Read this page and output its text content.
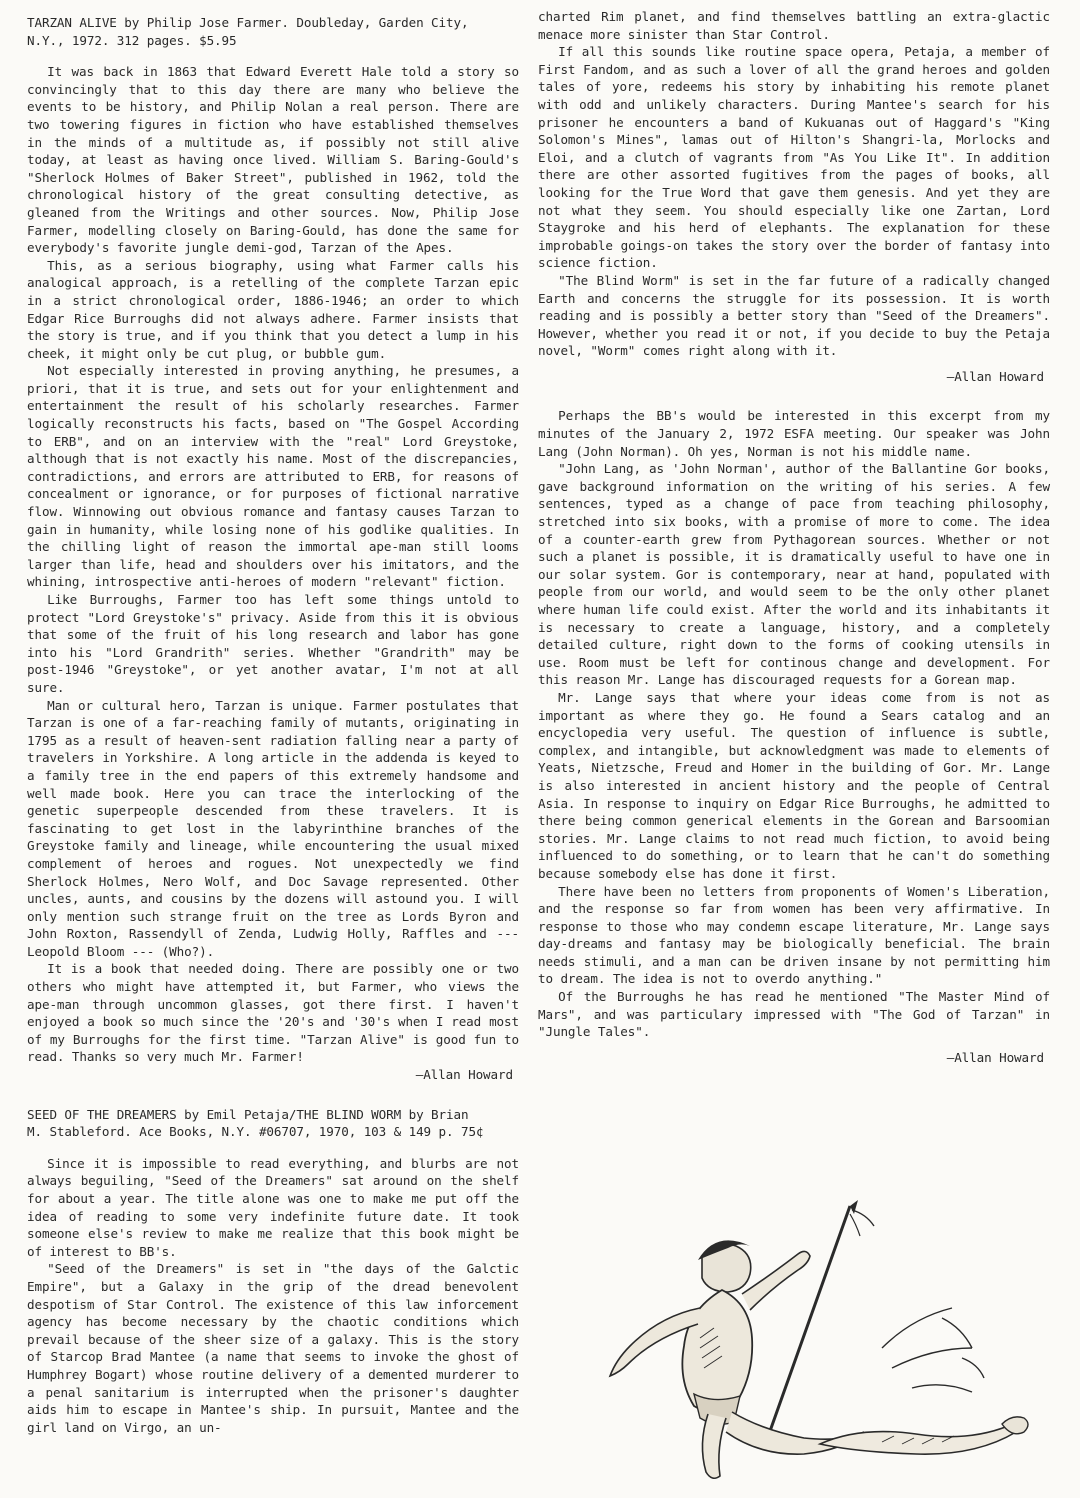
TARZAN ALIVE by Philip Jose Farmer. Doubleday, Garden City,

N.Y., 1972. 312 pages. $5.95

It was back in 1863 that Edward Everett Hale told a story so convincingly that to this day there are many who believe the events to be history, and Philip Nolan a real person. There are two towering figures in fiction who have established themselves in the minds of a multitude as, if possibly not still alive today, at least as having once lived. William S. Baring-Gould's "Sherlock Holmes of Baker Street", published in 1962, told the chronological history of the great consulting detective, as gleaned from the Writings and other sources. Now, Philip Jose Farmer, modelling closely on Baring-Gould, has done the same for everybody's favorite jungle demi-god, Tarzan of the Apes.

This, as a serious biography, using what Farmer calls his analogical approach, is a retelling of the complete Tarzan epic in a strict chronological order, 1886-1946; an order to which Edgar Rice Burroughs did not always adhere. Farmer insists that the story is true, and if you think that you detect a lump in his cheek, it might only be cut plug, or bubble gum.

Not especially interested in proving anything, he presumes, a priori, that it is true, and sets out for your enlightenment and entertainment the result of his scholarly researches. Farmer logically reconstructs his facts, based on "The Gospel According to ERB", and on an interview with the "real" Lord Greystoke, although that is not exactly his name. Most of the discrepancies, contradictions, and errors are attributed to ERB, for reasons of concealment or ignorance, or for purposes of fictional narrative flow. Winnowing out obvious romance and fantasy causes Tarzan to gain in humanity, while losing none of his godlike qualities. In the chilling light of reason the immortal ape-man still looms larger than life, head and shoulders over his imitators, and the whining, introspective anti-heroes of modern "relevant" fiction.

Like Burroughs, Farmer too has left some things untold to protect "Lord Greystoke's" privacy. Aside from this it is obvious that some of the fruit of his long research and labor has gone into his "Lord Grandrith" series. Whether "Grandrith" may be post-1946 "Greystoke", or yet another avatar, I'm not at all sure.

Man or cultural hero, Tarzan is unique. Farmer postulates that Tarzan is one of a far-reaching family of mutants, originating in 1795 as a result of heaven-sent radiation falling near a party of travelers in Yorkshire. A long article in the addenda is keyed to a family tree in the end papers of this extremely handsome and well made book. Here you can trace the interlocking of the genetic superpeople descended from these travelers. It is fascinating to get lost in the labyrinthine branches of the Greystoke family and lineage, while encountering the usual mixed complement of heroes and rogues. Not unexpectedly we find Sherlock Holmes, Nero Wolf, and Doc Savage represented. Other uncles, aunts, and cousins by the dozens will astound you. I will only mention such strange fruit on the tree as Lords Byron and John Roxton, Rassendyll of Zenda, Ludwig Holly, Raffles and --- Leopold Bloom --- (Who?).

It is a book that needed doing. There are possibly one or two others who might have attempted it, but Farmer, who views the ape-man through uncommon glasses, got there first. I haven't enjoyed a book so much since the '20's and '30's when I read most of my Burroughs for the first time. "Tarzan Alive" is good fun to read. Thanks so very much Mr. Farmer!

—Allan Howard

SEED OF THE DREAMERS by Emil Petaja/THE BLIND WORM by Brian

M. Stableford. Ace Books, N.Y. #06707, 1970, 103 & 149 p. 75¢

Since it is impossible to read everything, and blurbs are not always beguiling, "Seed of the Dreamers" sat around on the shelf for about a year. The title alone was one to make me put off the idea of reading to some very indefinite future date. It took someone else's review to make me realize that this book might be of interest to BB's.

"Seed of the Dreamers" is set in "the days of the Galctic Empire", but a Galaxy in the grip of the dread benevolent despotism of Star Control. The existence of this law inforcement agency has become necessary by the chaotic conditions which prevail because of the sheer size of a galaxy. This is the story of Starcop Brad Mantee (a name that seems to invoke the ghost of Humphrey Bogart) whose routine delivery of a demented murderer to a penal sanitarium is interrupted when the prisoner's daughter aids him to escape in Mantee's ship. In pursuit, Mantee and the girl land on Virgo, an un-

charted Rim planet, and find themselves battling an extra-glactic menace more sinister than Star Control.

If all this sounds like routine space opera, Petaja, a member of First Fandom, and as such a lover of all the grand heroes and golden tales of yore, redeems his story by inhabiting his remote planet with odd and unlikely characters. During Mantee's search for his prisoner he encounters a band of Kukuanas out of Haggard's "King Solomon's Mines", lamas out of Hilton's Shangri-la, Morlocks and Eloi, and a clutch of vagrants from "As You Like It". In addition there are other assorted fugitives from the pages of books, all looking for the True Word that gave them genesis. And yet they are not what they seem. You should especially like one Zartan, Lord Staygroke and his herd of elephants. The explanation for these improbable goings-on takes the story over the border of fantasy into science fiction.

"The Blind Worm" is set in the far future of a radically changed Earth and concerns the struggle for its possession. It is worth reading and is possibly a better story than "Seed of the Dreamers". However, whether you read it or not, if you decide to buy the Petaja novel, "Worm" comes right along with it.

—Allan Howard

Perhaps the BB's would be interested in this excerpt from my minutes of the January 2, 1972 ESFA meeting. Our speaker was John Lang (John Norman). Oh yes, Norman is not his middle name.

"John Lang, as 'John Norman', author of the Ballantine Gor books, gave background information on the writing of his series. A few sentences, typed as a change of pace from teaching philosophy, stretched into six books, with a promise of more to come. The idea of a counter-earth grew from Pythagorean sources. Whether or not such a planet is possible, it is dramatically useful to have one in our solar system. Gor is contemporary, near at hand, populated with people from our world, and would seem to be the only other planet where human life could exist. After the world and its inhabitants it is necessary to create a language, history, and a completely detailed culture, right down to the forms of cooking utensils in use. Room must be left for continous change and development. For this reason Mr. Lange has discouraged requests for a Gorean map.

Mr. Lange says that where your ideas come from is not as important as where they go. He found a Sears catalog and an encyclopedia very useful. The question of influence is subtle, complex, and intangible, but acknowledgment was made to elements of Yeats, Nietzsche, Freud and Homer in the building of Gor. Mr. Lange is also interested in ancient history and the people of Central Asia. In response to inquiry on Edgar Rice Burroughs, he admitted to there being common generical elements in the Gorean and Barsoomian stories. Mr. Lange claims to not read much fiction, to avoid being influenced to do something, or to learn that he can't do something because somebody else has done it first.

There have been no letters from proponents of Women's Liberation, and the response so far from women has been very affirmative. In response to those who may condemn escape literature, Mr. Lange says day-dreams and fantasy may be biologically beneficial. The brain needs stimuli, and a man can be driven insane by not permitting him to dream. The idea is not to overdo anything."

Of the Burroughs he has read he mentioned "The Master Mind of Mars", and was particulary impressed with "The God of Tarzan" in "Jungle Tales".

—Allan Howard
